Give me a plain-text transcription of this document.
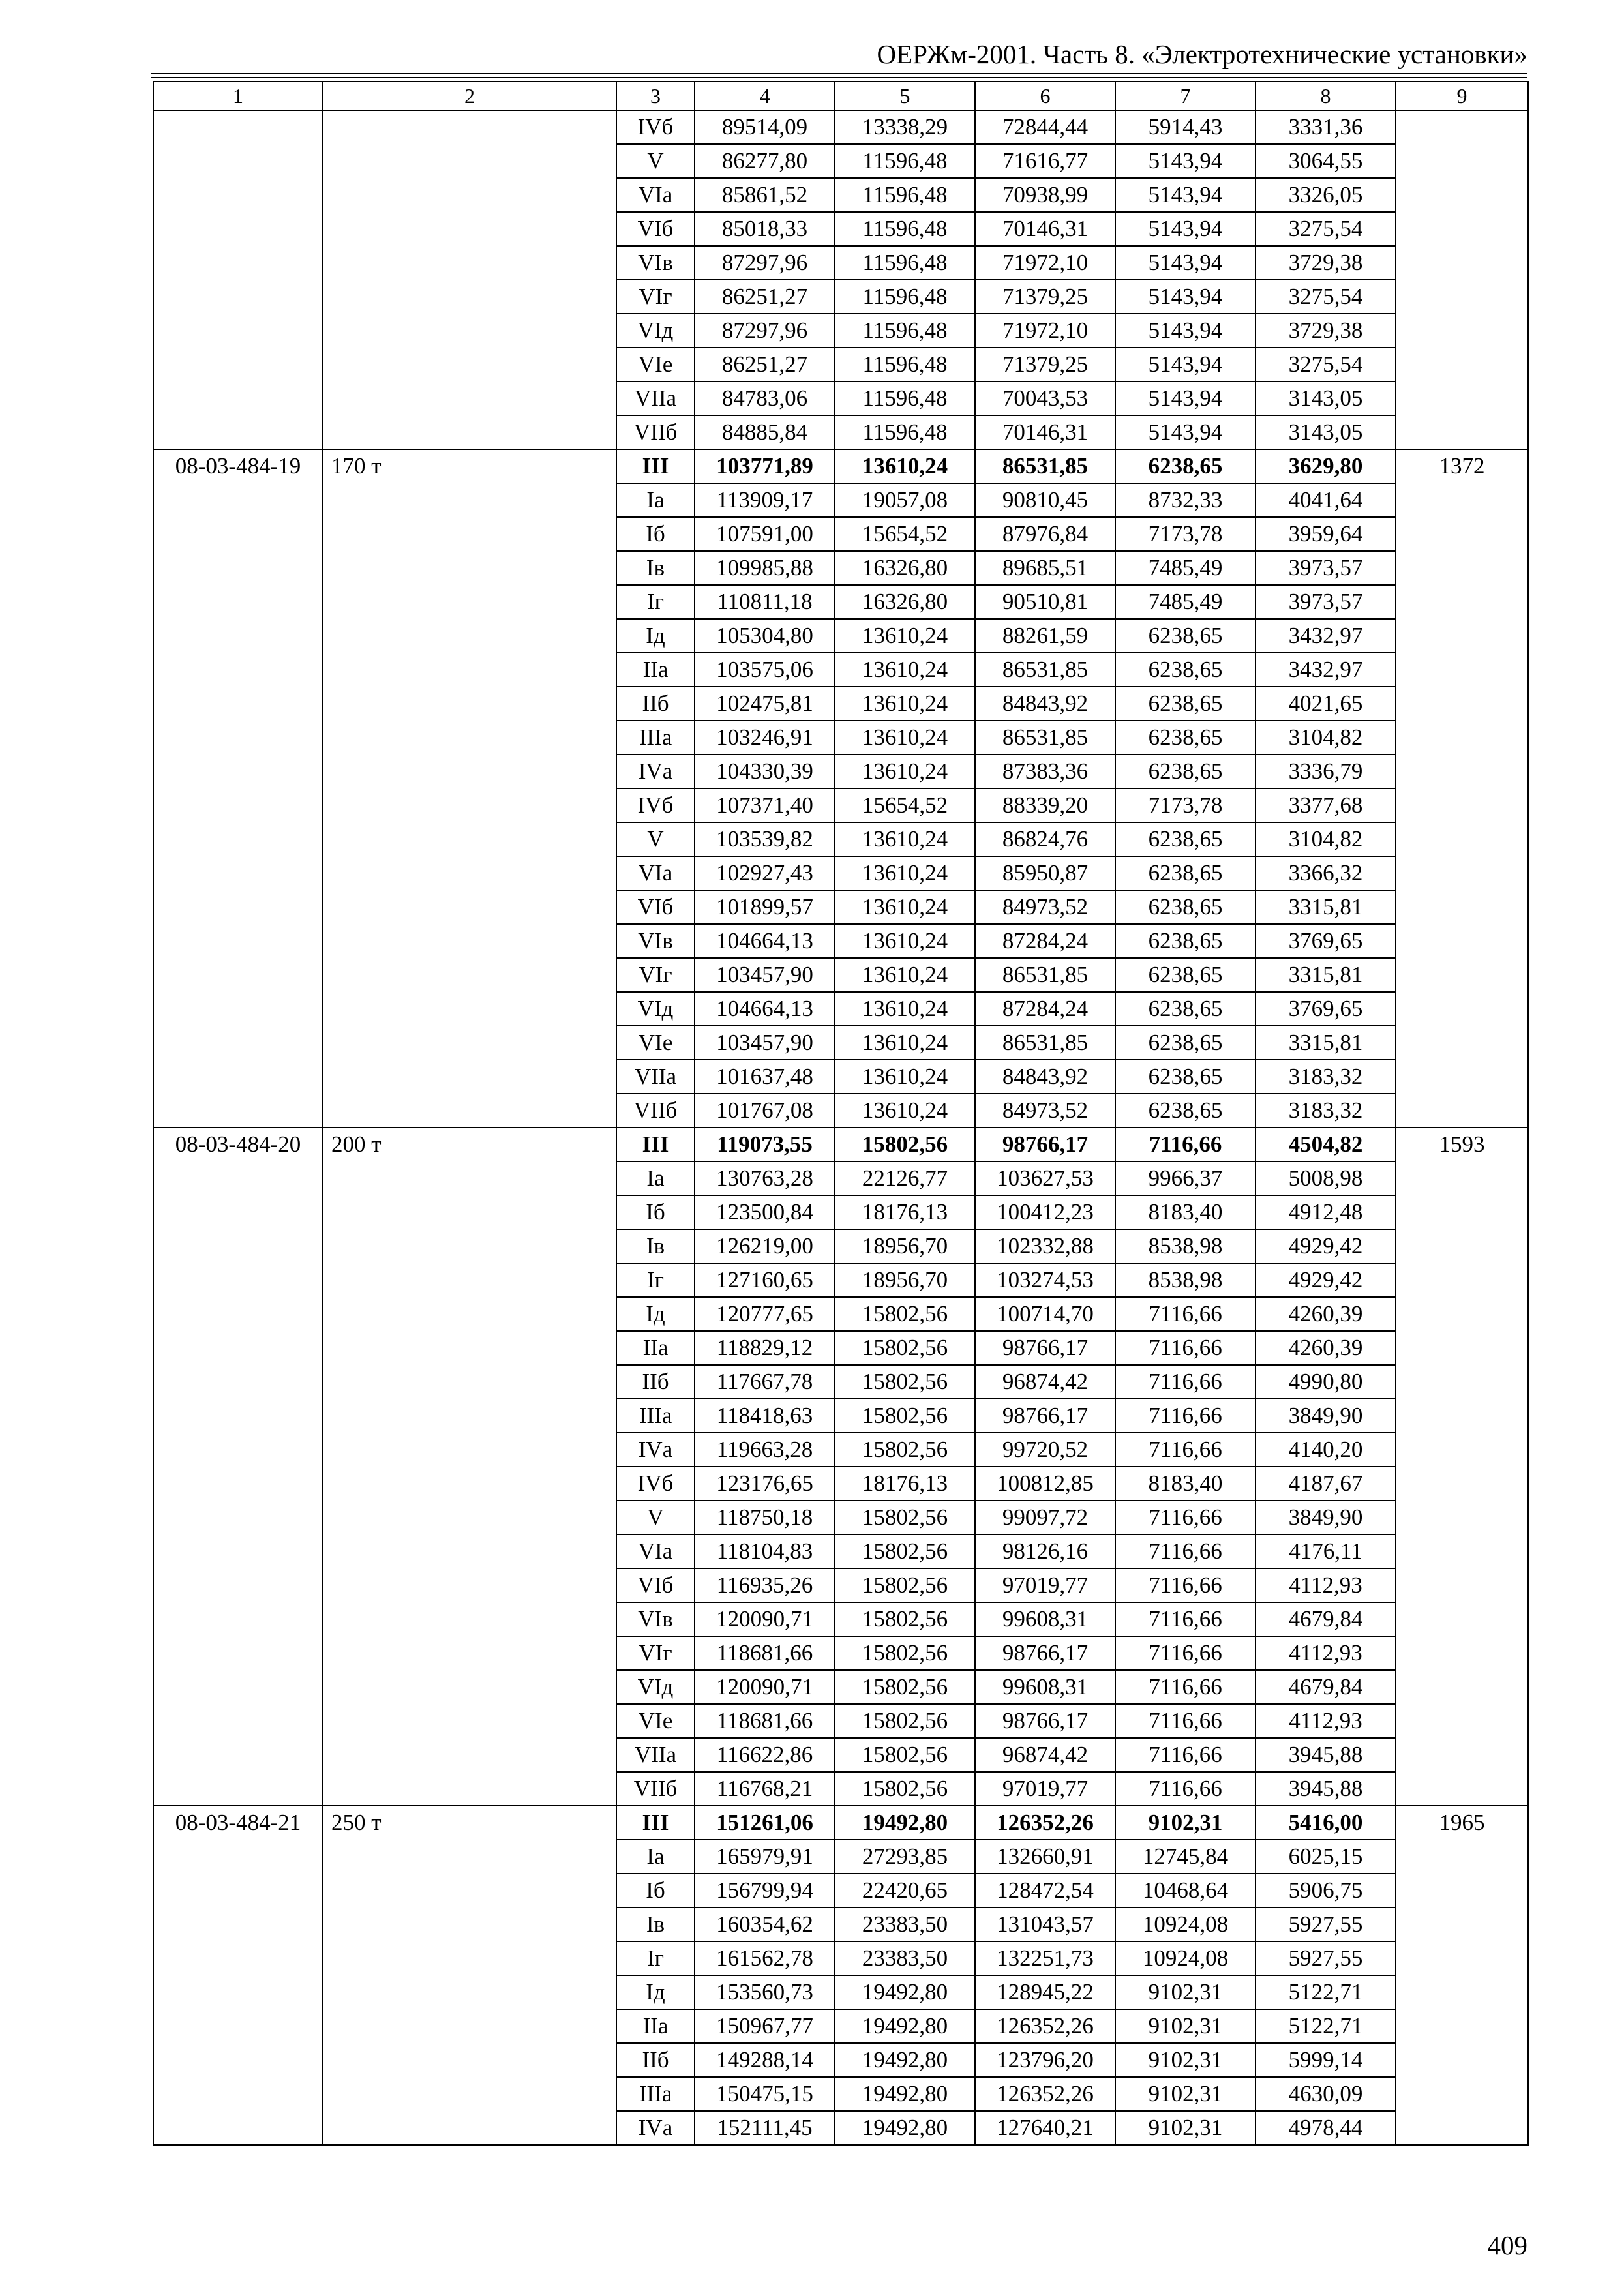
ОЕРЖм-2001. Часть 8. «Электротехнические установки»
1	2	3	4	5	6	7	8	9
		IVб	89514,09	13338,29	72844,44	5914,43	3331,36	
		V	86277,80	11596,48	71616,77	5143,94	3064,55	
		VIа	85861,52	11596,48	70938,99	5143,94	3326,05	
		VIб	85018,33	11596,48	70146,31	5143,94	3275,54	
		VIв	87297,96	11596,48	71972,10	5143,94	3729,38	
		VIг	86251,27	11596,48	71379,25	5143,94	3275,54	
		VIд	87297,96	11596,48	71972,10	5143,94	3729,38	
		VIе	86251,27	11596,48	71379,25	5143,94	3275,54	
		VIIа	84783,06	11596,48	70043,53	5143,94	3143,05	
		VIIб	84885,84	11596,48	70146,31	5143,94	3143,05	
08-03-484-19	170 т	III	103771,89	13610,24	86531,85	6238,65	3629,80	1372
		Iа	113909,17	19057,08	90810,45	8732,33	4041,64	
		Iб	107591,00	15654,52	87976,84	7173,78	3959,64	
		Iв	109985,88	16326,80	89685,51	7485,49	3973,57	
		Iг	110811,18	16326,80	90510,81	7485,49	3973,57	
		Iд	105304,80	13610,24	88261,59	6238,65	3432,97	
		IIа	103575,06	13610,24	86531,85	6238,65	3432,97	
		IIб	102475,81	13610,24	84843,92	6238,65	4021,65	
		IIIа	103246,91	13610,24	86531,85	6238,65	3104,82	
		IVа	104330,39	13610,24	87383,36	6238,65	3336,79	
		IVб	107371,40	15654,52	88339,20	7173,78	3377,68	
		V	103539,82	13610,24	86824,76	6238,65	3104,82	
		VIа	102927,43	13610,24	85950,87	6238,65	3366,32	
		VIб	101899,57	13610,24	84973,52	6238,65	3315,81	
		VIв	104664,13	13610,24	87284,24	6238,65	3769,65	
		VIг	103457,90	13610,24	86531,85	6238,65	3315,81	
		VIд	104664,13	13610,24	87284,24	6238,65	3769,65	
		VIе	103457,90	13610,24	86531,85	6238,65	3315,81	
		VIIа	101637,48	13610,24	84843,92	6238,65	3183,32	
		VIIб	101767,08	13610,24	84973,52	6238,65	3183,32	
08-03-484-20	200 т	III	119073,55	15802,56	98766,17	7116,66	4504,82	1593
		Iа	130763,28	22126,77	103627,53	9966,37	5008,98	
		Iб	123500,84	18176,13	100412,23	8183,40	4912,48	
		Iв	126219,00	18956,70	102332,88	8538,98	4929,42	
		Iг	127160,65	18956,70	103274,53	8538,98	4929,42	
		Iд	120777,65	15802,56	100714,70	7116,66	4260,39	
		IIа	118829,12	15802,56	98766,17	7116,66	4260,39	
		IIб	117667,78	15802,56	96874,42	7116,66	4990,80	
		IIIа	118418,63	15802,56	98766,17	7116,66	3849,90	
		IVа	119663,28	15802,56	99720,52	7116,66	4140,20	
		IVб	123176,65	18176,13	100812,85	8183,40	4187,67	
		V	118750,18	15802,56	99097,72	7116,66	3849,90	
		VIа	118104,83	15802,56	98126,16	7116,66	4176,11	
		VIб	116935,26	15802,56	97019,77	7116,66	4112,93	
		VIв	120090,71	15802,56	99608,31	7116,66	4679,84	
		VIг	118681,66	15802,56	98766,17	7116,66	4112,93	
		VIд	120090,71	15802,56	99608,31	7116,66	4679,84	
		VIе	118681,66	15802,56	98766,17	7116,66	4112,93	
		VIIа	116622,86	15802,56	96874,42	7116,66	3945,88	
		VIIб	116768,21	15802,56	97019,77	7116,66	3945,88	
08-03-484-21	250 т	III	151261,06	19492,80	126352,26	9102,31	5416,00	1965
		Iа	165979,91	27293,85	132660,91	12745,84	6025,15	
		Iб	156799,94	22420,65	128472,54	10468,64	5906,75	
		Iв	160354,62	23383,50	131043,57	10924,08	5927,55	
		Iг	161562,78	23383,50	132251,73	10924,08	5927,55	
		Iд	153560,73	19492,80	128945,22	9102,31	5122,71	
		IIа	150967,77	19492,80	126352,26	9102,31	5122,71	
		IIб	149288,14	19492,80	123796,20	9102,31	5999,14	
		IIIа	150475,15	19492,80	126352,26	9102,31	4630,09	
		IVа	152111,45	19492,80	127640,21	9102,31	4978,44	
409
